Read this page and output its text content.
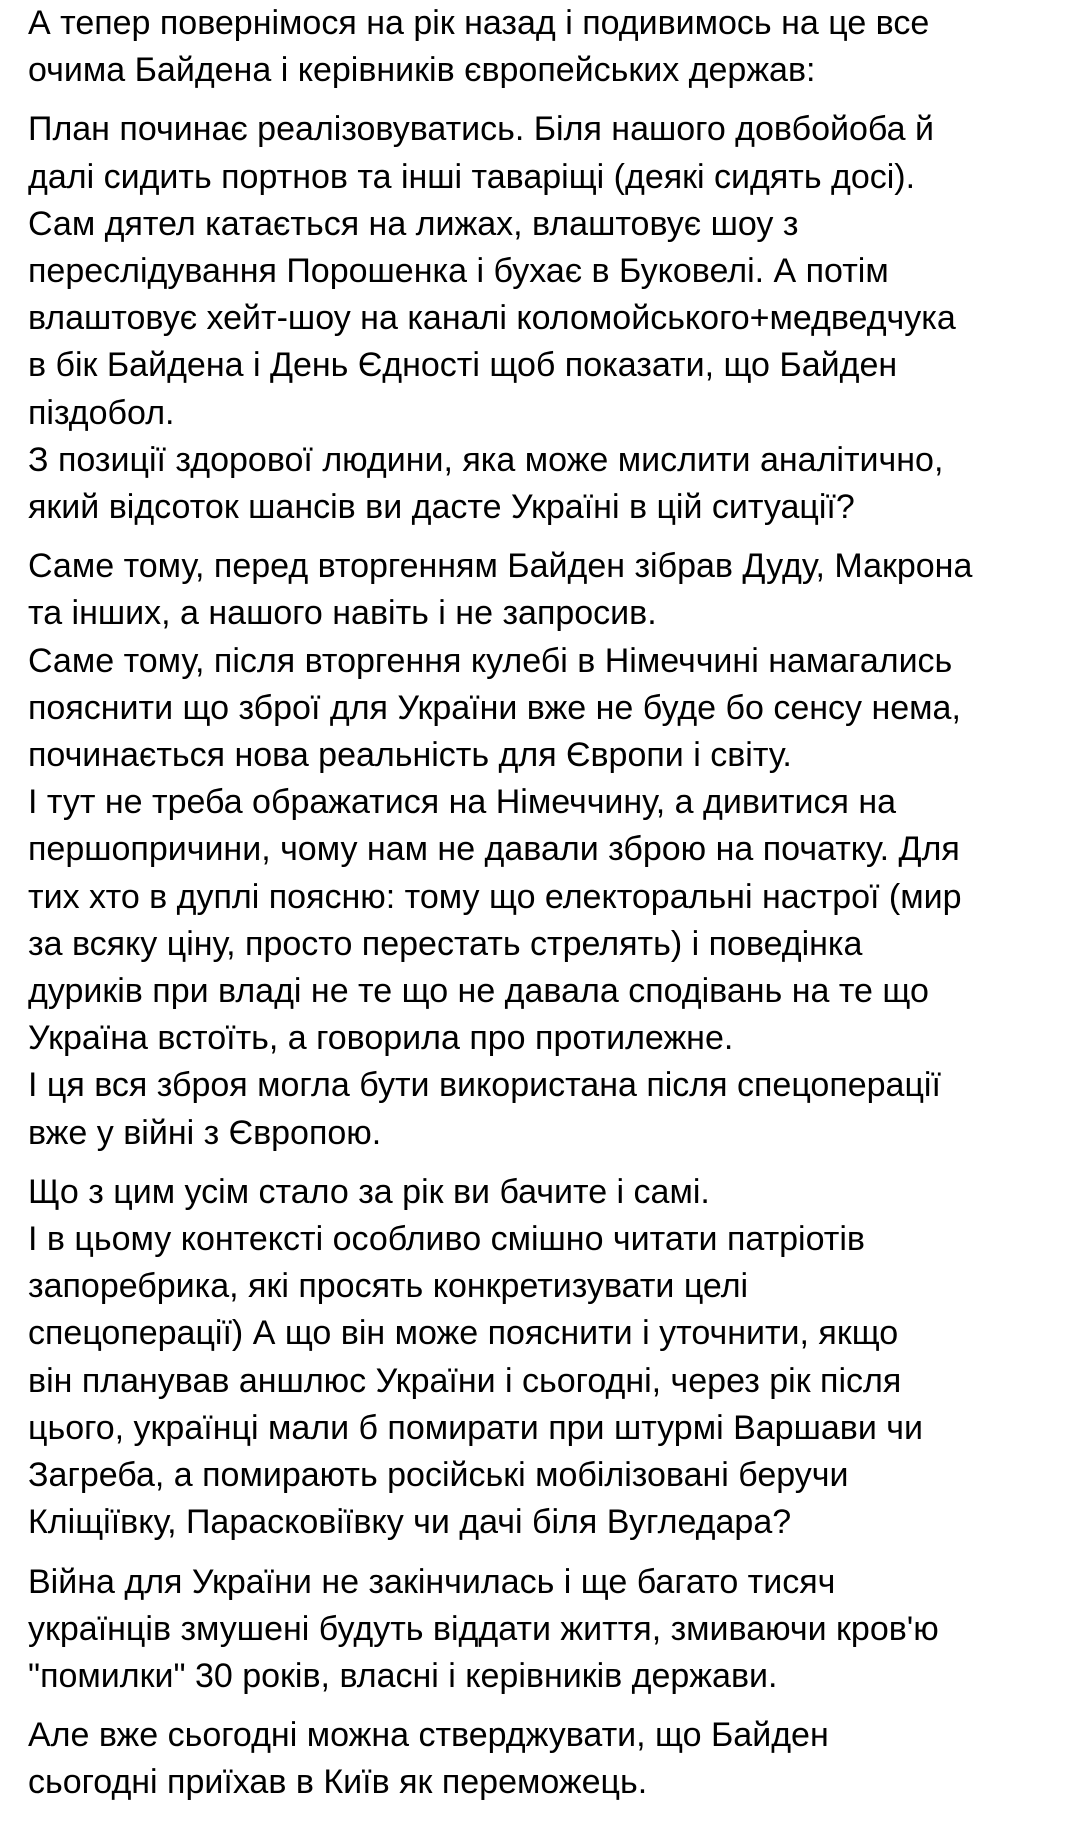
А тепер повернімося на рік назад і подивимось на це все
очима Байдена і керівників європейських держав:
План починає реалізовуватись. Біля нашого довбойоба й
далі сидить портнов та інші таваріщі (деякі сидять досі).
Сам дятел катається на лижах, влаштовує шоу з
переслідування Порошенка і бухає в Буковелі. А потім
влаштовує хейт-шоу на каналі коломойського+медведчука
в бік Байдена і День Єдності щоб показати, що Байден
піздобол.
З позиції здорової людини, яка може мислити аналітично,
який відсоток шансів ви дасте Україні в цій ситуації?
Саме тому, перед вторгенням Байден зібрав Дуду, Макрона
та інших, а нашого навіть і не запросив.
Саме тому, після вторгення кулебі в Німеччині намагались
пояснити що зброї для України вже не буде бо сенсу нема,
починається нова реальність для Європи і світу.
І тут не треба ображатися на Німеччину, а дивитися на
першопричини, чому нам не давали зброю на початку. Для
тих хто в дуплі поясню: тому що електоральні настрої (мир
за всяку ціну, просто перестать стрелять) і поведінка
дуриків при владі не те що не давала сподівань на те що
Україна встоїть, а говорила про протилежне.
І ця вся зброя могла бути використана після спецоперації
вже у війні з Європою.
Що з цим усім стало за рік ви бачите і самі.
І в цьому контексті особливо смішно читати патріотів
запоребрика, які просять конкретизувати целі
спецоперації) А що він може пояснити і уточнити, якщо
він планував аншлюс України і сьогодні, через рік після
цього, українці мали б помирати при штурмі Варшави чи
Загреба, а помирають російські мобілізовані беручи
Кліщіївку, Парасковіївку чи дачі біля Вугледара?
Війна для України не закінчилась і ще багато тисяч
українців змушені будуть віддати життя, змиваючи кров'ю
"помилки" 30 років, власні і керівників держави.
Але вже сьогодні можна стверджувати, що Байден
сьогодні приїхав в Київ як переможець.
